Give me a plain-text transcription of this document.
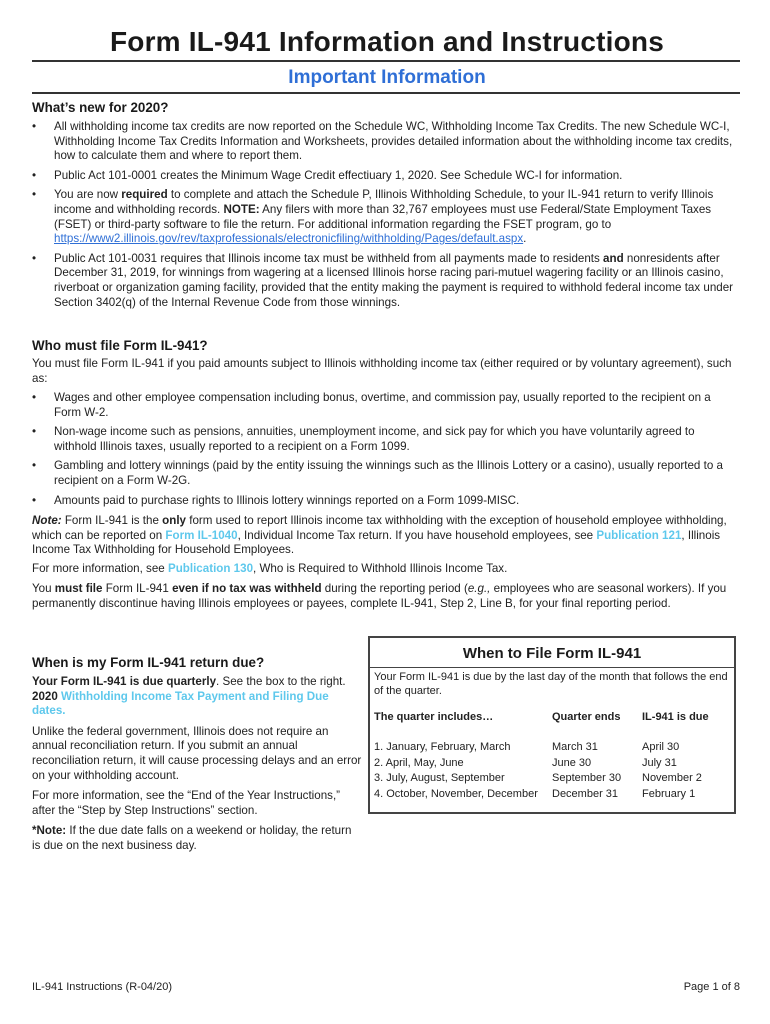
Form IL-941 Information and Instructions
Important Information
What’s new for 2020?
• All withholding income tax credits are now reported on the Schedule WC, Withholding Income Tax Credits. The new Schedule WC-I, Withholding Income Tax Credits Information and Worksheets, provides detailed information about the withholding income tax credits, how to calculate them and where to report them.
• Public Act 101-0001 creates the Minimum Wage Credit effectiuary 1, 2020. See Schedule WC-I for information.
• You are now required to complete and attach the Schedule P, Illinois Withholding Schedule, to your IL-941 return to verify Illinois income and withholding records. NOTE: Any filers with more than 32,767 employees must use Federal/State Employment Taxes (FSET) or third-party software to file the return. For additional information regarding the FSET program, go to https://www2.illinois.gov/rev/taxprofessionals/electronicfiling/withholding/Pages/default.aspx.
• Public Act 101-0031 requires that Illinois income tax must be withheld from all payments made to residents and nonresidents after December 31, 2019, for winnings from wagering at a licensed Illinois horse racing pari-mutuel wagering facility or an Illinois casino, riverboat or organization gaming facility, provided that the entity making the payment is required to withhold federal income tax under Section 3402(q) of the Internal Revenue Code from those winnings.
Who must file Form IL-941?

You must file Form IL-941 if you paid amounts subject to Illinois withholding income tax (either required or by voluntary agreement), such as:

• Wages and other employee compensation including bonus, overtime, and commission pay, usually reported to the recipient on a Form W-2.
• Non-wage income such as pensions, annuities, unemployment income, and sick pay for which you have voluntarily agreed to withhold Illinois taxes, usually reported to a recipient on a Form 1099.
• Gambling and lottery winnings (paid by the entity issuing the winnings such as the Illinois Lottery or a casino), usually reported to a recipient on a Form W-2G.
• Amounts paid to purchase rights to Illinois lottery winnings reported on a Form 1099-MISC.

Note: Form IL-941 is the only form used to report Illinois income tax withholding with the exception of household employee withholding, which can be reported on Form IL-1040, Individual Income Tax return. If you have household employees, see Publication 121, Illinois Income Tax Withholding for Household Employees.

For more information, see Publication 130, Who is Required to Withhold Illinois Income Tax.

You must file Form IL-941 even if no tax was withheld during the reporting period (e.g., employees who are seasonal workers). If you permanently discontinue having Illinois employees or payees, complete IL-941, Step 2, Line B, for your final reporting period.

When is my Form IL-941 return due?

Your Form IL-941 is due quarterly. See the box to the right. 2020 Withholding Income Tax Payment and Filing Due dates.

Unlike the federal government, Illinois does not require an annual reconciliation return. If you submit an annual reconciliation return, it will cause processing delays and an error on your withholding account.

For more information, see the “End of the Year Instructions,” after the “Step by Step Instructions” section.

*Note: If the due date falls on a weekend or holiday, the return is due on the next business day.

When to File Form IL-941
Your Form IL-941 is due by the last day of the month that follows the end of the quarter.
The quarter includes…	Quarter ends	IL-941 is due
1. January, February, March	March 31	April 30
2. April, May, June	June 30	July 31
3. July, August, September	September 30	November 2
4. October, November, December	December 31	February 1
IL-941 Instructions (R-04/20)	Page 1 of 8
